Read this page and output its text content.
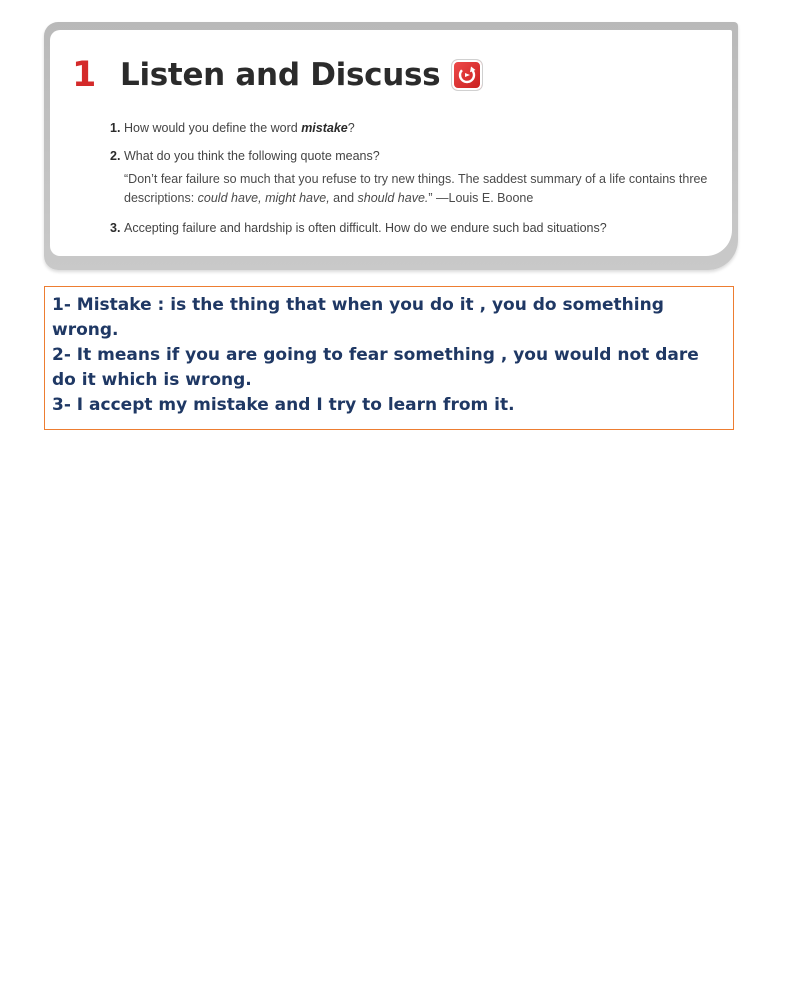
1 Listen and Discuss
1. How would you define the word mistake?
2. What do you think the following quote means?
“Don’t fear failure so much that you refuse to try new things. The saddest summary of a life contains three descriptions: could have, might have, and should have.” —Louis E. Boone
3. Accepting failure and hardship is often difficult. How do we endure such bad situations?

1- Mistake : is the thing that when you do it , you do something wrong.

2- It means if you are going to fear something , you would not dare do it which is wrong.

3- I accept my mistake and I try to learn from it.
